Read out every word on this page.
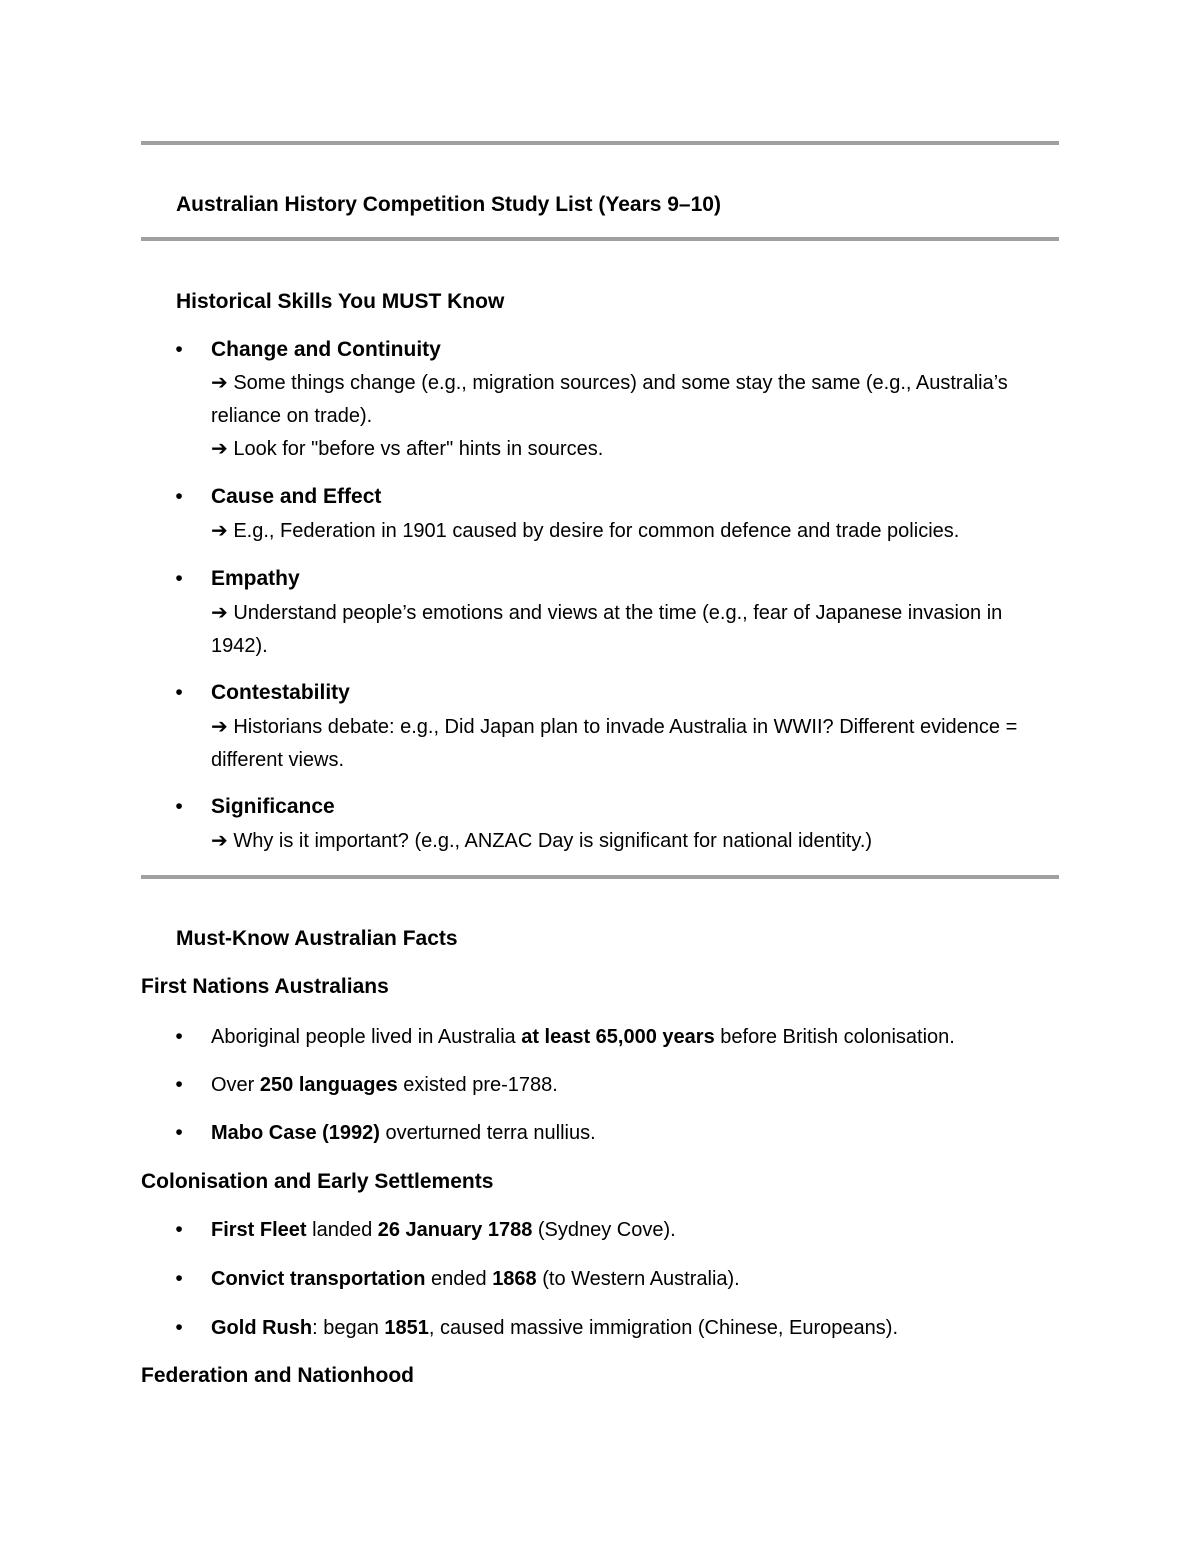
Australian History Competition Study List (Years 9–10)
Historical Skills You MUST Know
• Change and Continuity
➔ Some things change (e.g., migration sources) and some stay the same (e.g., Australia’s reliance on trade).
➔ Look for "before vs after" hints in sources.
• Cause and Effect
➔ E.g., Federation in 1901 caused by desire for common defence and trade policies.
• Empathy
➔ Understand people’s emotions and views at the time (e.g., fear of Japanese invasion in 1942).
• Contestability
➔ Historians debate: e.g., Did Japan plan to invade Australia in WWII? Different evidence = different views.
• Significance
➔ Why is it important? (e.g., ANZAC Day is significant for national identity.)
Must-Know Australian Facts
First Nations Australians
• Aboriginal people lived in Australia at least 65,000 years before British colonisation.
• Over 250 languages existed pre-1788.
• Mabo Case (1992) overturned terra nullius.
Colonisation and Early Settlements
• First Fleet landed 26 January 1788 (Sydney Cove).
• Convict transportation ended 1868 (to Western Australia).
• Gold Rush: began 1851, caused massive immigration (Chinese, Europeans).
Federation and Nationhood
